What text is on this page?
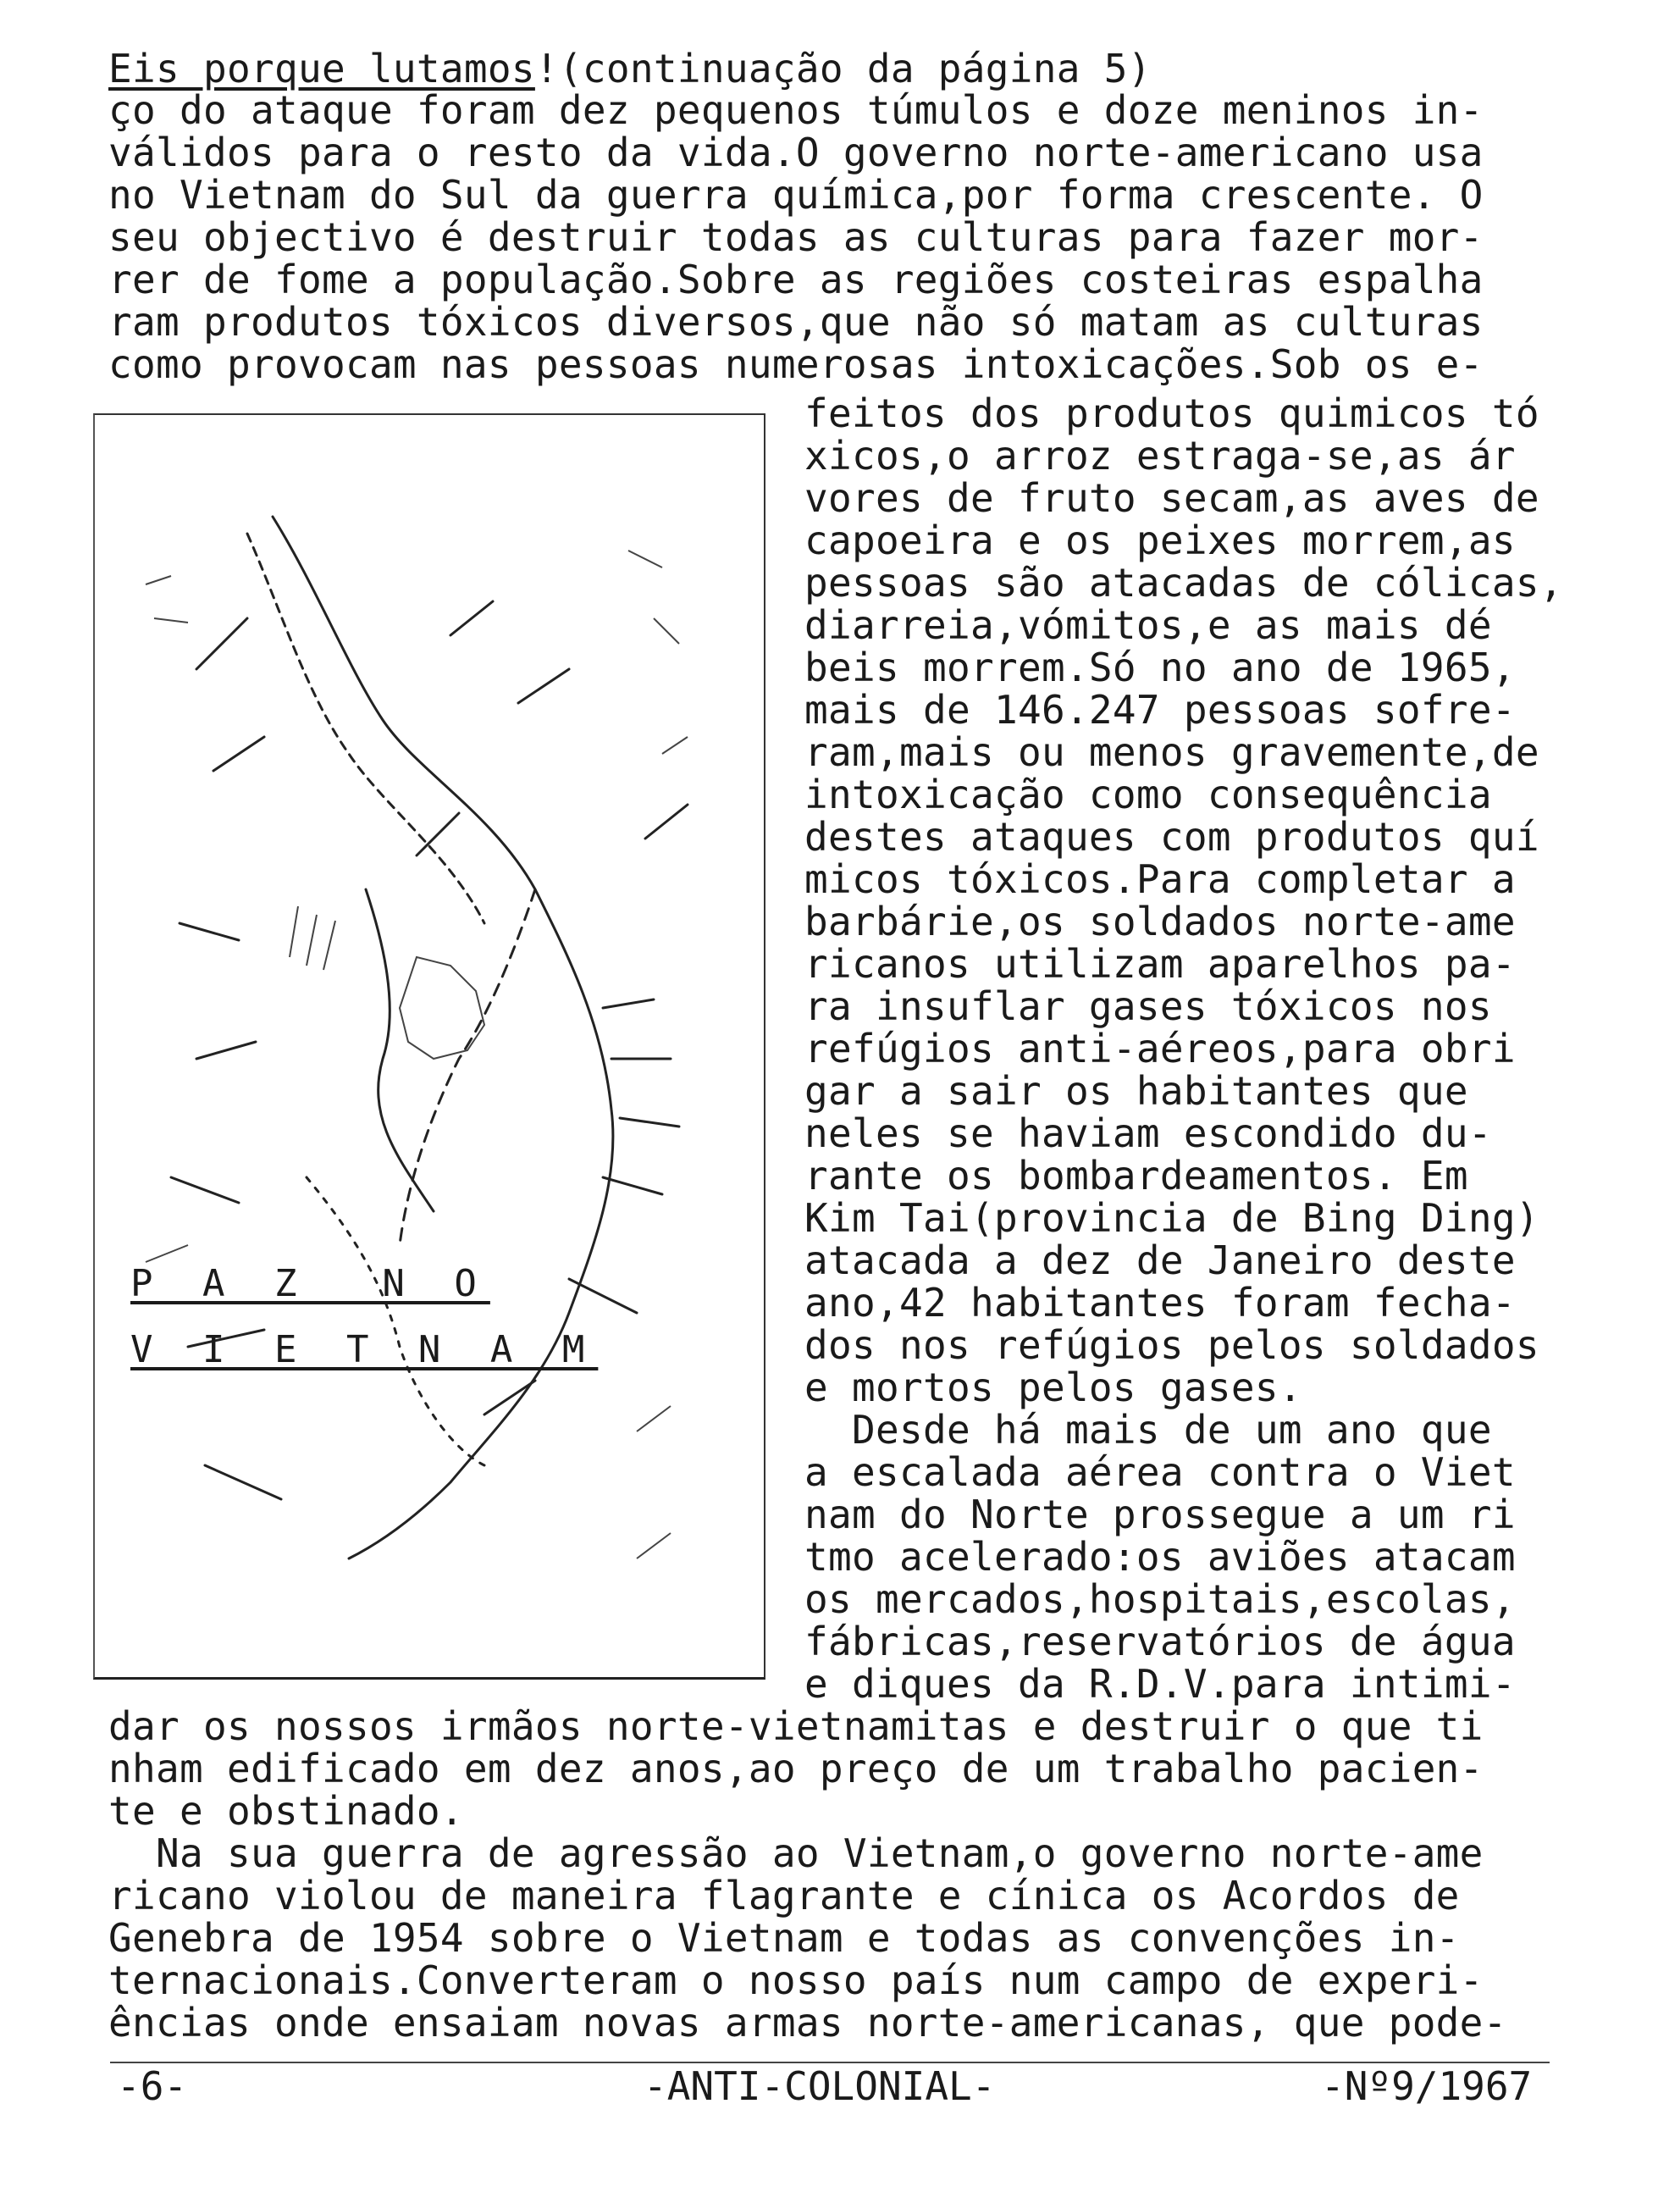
Eis porque lutamos!(continuação da página 5)
ço do ataque foram dez pequenos túmulos e doze meninos in-
válidos para o resto da vida.O governo norte-americano usa
no Vietnam do Sul da guerra química,por forma crescente. O
seu objectivo é destruir todas as culturas para fazer mor-
rer de fome a população.Sobre as regiões costeiras espalha
ram produtos tóxicos diversos,que não só matam as culturas
como provocam nas pessoas numerosas intoxicações.Sob os e-
P A Z  N O
V I E T N A M
feitos dos produtos quimicos tó
xicos,o arroz estraga-se,as ár
vores de fruto secam,as aves de
capoeira e os peixes morrem,as
pessoas são atacadas de cólicas,
diarreia,vómitos,e as mais dé
beis morrem.Só no ano de 1965,
mais de 146.247 pessoas sofre-
ram,mais ou menos gravemente,de
intoxicação como consequência
destes ataques com produtos quí
micos tóxicos.Para completar a
barbárie,os soldados norte-ame
ricanos utilizam aparelhos pa-
ra insuflar gases tóxicos nos
refúgios anti-aéreos,para obri
gar a sair os habitantes que
neles se haviam escondido du-
rante os bombardeamentos. Em
Kim Tai(provincia de Bing Ding)
atacada a dez de Janeiro deste
ano,42 habitantes foram fecha-
dos nos refúgios pelos soldados
e mortos pelos gases.
Desde há mais de um ano que
a escalada aérea contra o Viet
nam do Norte prossegue a um ri
tmo acelerado:os aviões atacam
os mercados,hospitais,escolas,
fábricas,reservatórios de água
e diques da R.D.V.para intimi-
dar os nossos irmãos norte-vietnamitas e destruir o que ti
nham edificado em dez anos,ao preço de um trabalho pacien-
te e obstinado.
Na sua guerra de agressão ao Vietnam,o governo norte-ame
ricano violou de maneira flagrante e cínica os Acordos de
Genebra de 1954 sobre o Vietnam e todas as convenções in-
ternacionais.Converteram o nosso país num campo de experi-
ências onde ensaiam novas armas norte-americanas, que pode-
-6-	-ANTI-COLONIAL-	-Nº9/1967
